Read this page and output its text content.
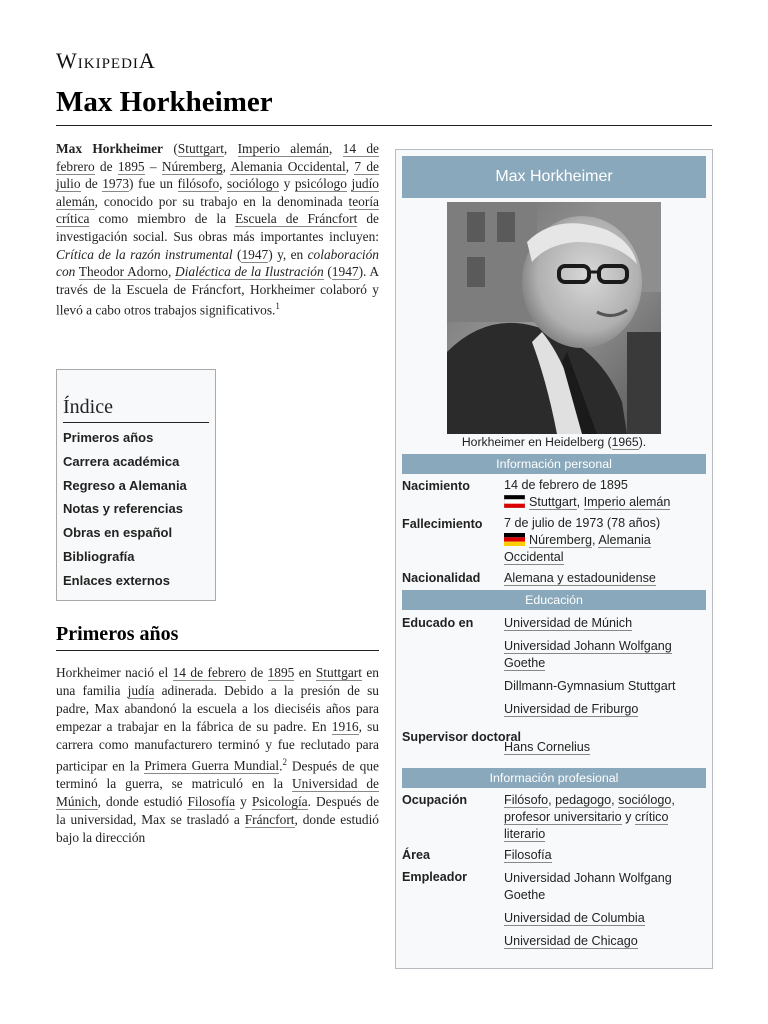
WikipediA
Max Horkheimer

Max Horkheimer (Stuttgart, Imperio alemán, 14 de febrero de 1895 – Núremberg, Alemania Occidental, 7 de julio de 1973) fue un filósofo, sociólogo y psicólogo judío alemán, conocido por su trabajo en la denominada teoría crítica como miembro de la Escuela de Fráncfort de investigación social. Sus obras más importantes incluyen: Crítica de la razón instrumental (1947) y, en colaboración con Theodor Adorno, Dialéctica de la Ilustración (1947). A través de la Escuela de Fráncfort, Horkheimer colaboró y llevó a cabo otros trabajos significativos.$^1$

Índice
Primeros años
Carrera académica
Regreso a Alemania
Notas y referencias
Obras en español
Bibliografía
Enlaces externos
Primeros años

Horkheimer nació el 14 de febrero de 1895 en Stuttgart en una familia judía adinerada. Debido a la presión de su padre, Max abandonó la escuela a los dieciséis años para empezar a trabajar en la fábrica de su padre. En 1916, su carrera como manufacturero terminó y fue reclutado para participar en la Primera Guerra Mundial.$^2$ Después de que terminó la guerra, se matriculó en la Universidad de Múnich, donde estudió Filosofía y Psicología. Después de la universidad, Max se trasladó a Fráncfort, donde estudió bajo la dirección

Max Horkheimer
Horkheimer en Heidelberg (1965).
Información personal
Nacimiento	14 de febrero de 1895
Stuttgart, Imperio alemán
Fallecimiento 7 de julio de 1973 (78 años)
Núremberg, Alemania Occidental
Nacionalidad Alemana y estadounidense
Educación
Educado en Universidad de Múnich
Universidad Johann Wolfgang Goethe
Dillmann-Gymnasium Stuttgart
Universidad de Friburgo
Supervisor doctoral
Hans Cornelius
Información profesional
Ocupación	Filósofo, pedagogo, sociólogo, profesor universitario y crítico literario
Área	Filosofía
Empleador	Universidad Johann Wolfgang Goethe
Universidad de Columbia
Universidad de Chicago
